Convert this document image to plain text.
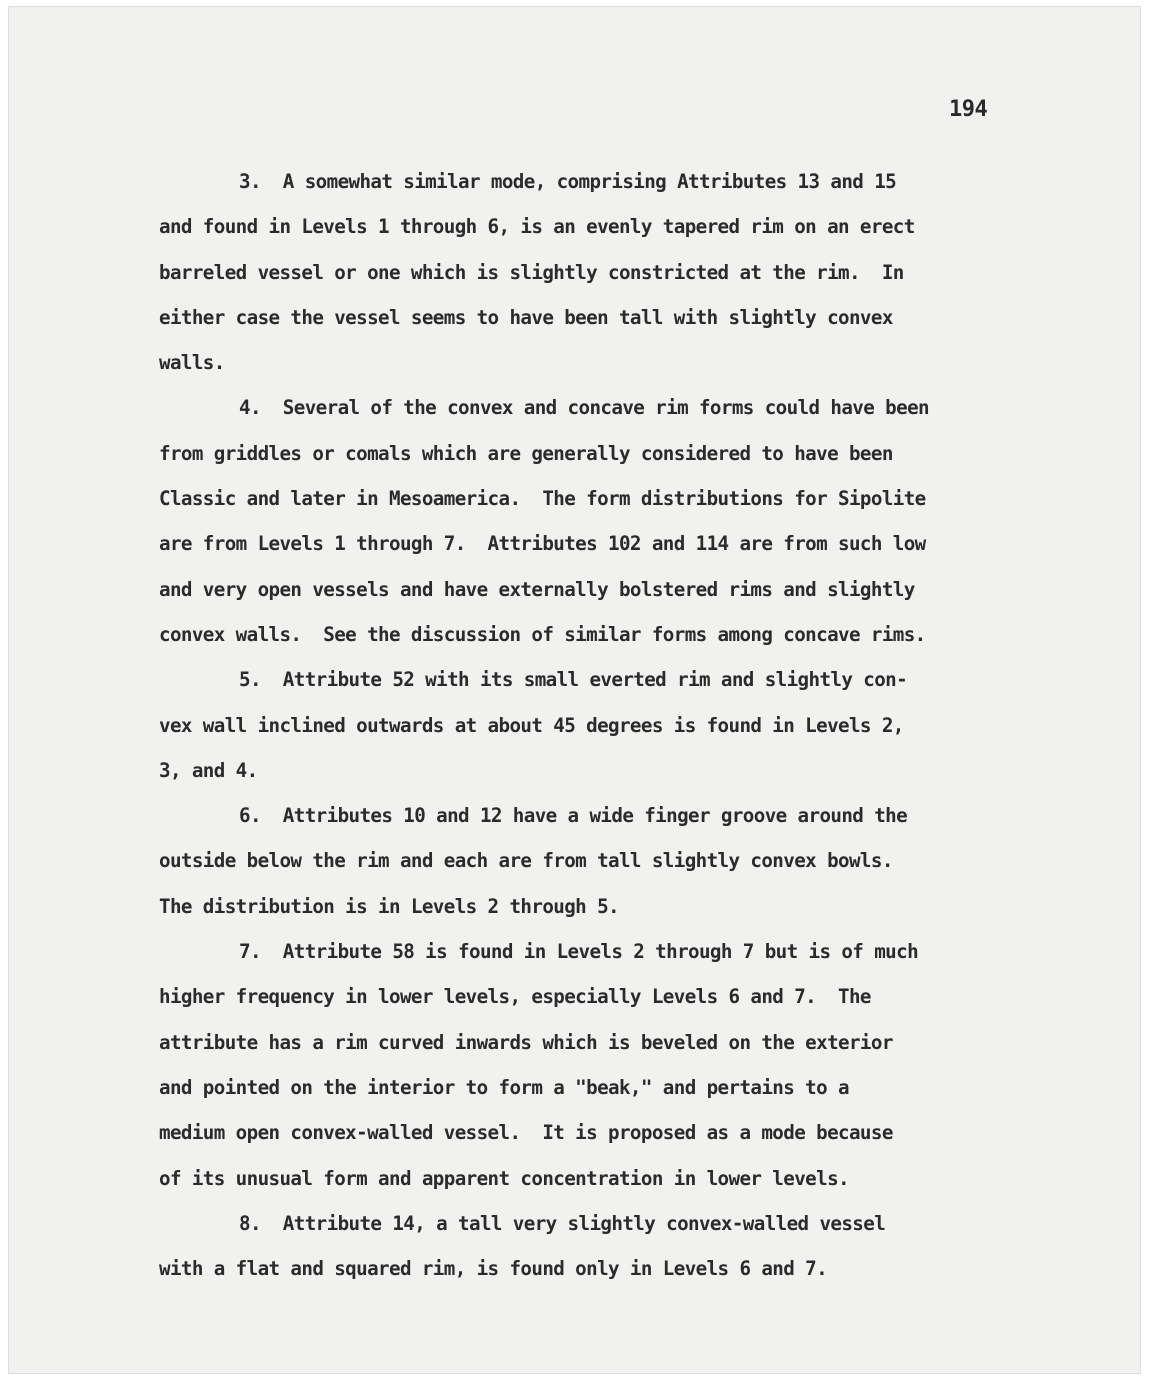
194
3.  A somewhat similar mode, comprising Attributes 13 and 15
and found in Levels 1 through 6, is an evenly tapered rim on an erect
barreled vessel or one which is slightly constricted at the rim.  In
either case the vessel seems to have been tall with slightly convex
walls.
4.  Several of the convex and concave rim forms could have been
from griddles or comals which are generally considered to have been
Classic and later in Mesoamerica.  The form distributions for Sipolite
are from Levels 1 through 7.  Attributes 102 and 114 are from such low
and very open vessels and have externally bolstered rims and slightly
convex walls.  See the discussion of similar forms among concave rims.
5.  Attribute 52 with its small everted rim and slightly con-
vex wall inclined outwards at about 45 degrees is found in Levels 2,
3, and 4.
6.  Attributes 10 and 12 have a wide finger groove around the
outside below the rim and each are from tall slightly convex bowls.
The distribution is in Levels 2 through 5.
7.  Attribute 58 is found in Levels 2 through 7 but is of much
higher frequency in lower levels, especially Levels 6 and 7.  The
attribute has a rim curved inwards which is beveled on the exterior
and pointed on the interior to form a "beak," and pertains to a
medium open convex-walled vessel.  It is proposed as a mode because
of its unusual form and apparent concentration in lower levels.
8.  Attribute 14, a tall very slightly convex-walled vessel
with a flat and squared rim, is found only in Levels 6 and 7.
